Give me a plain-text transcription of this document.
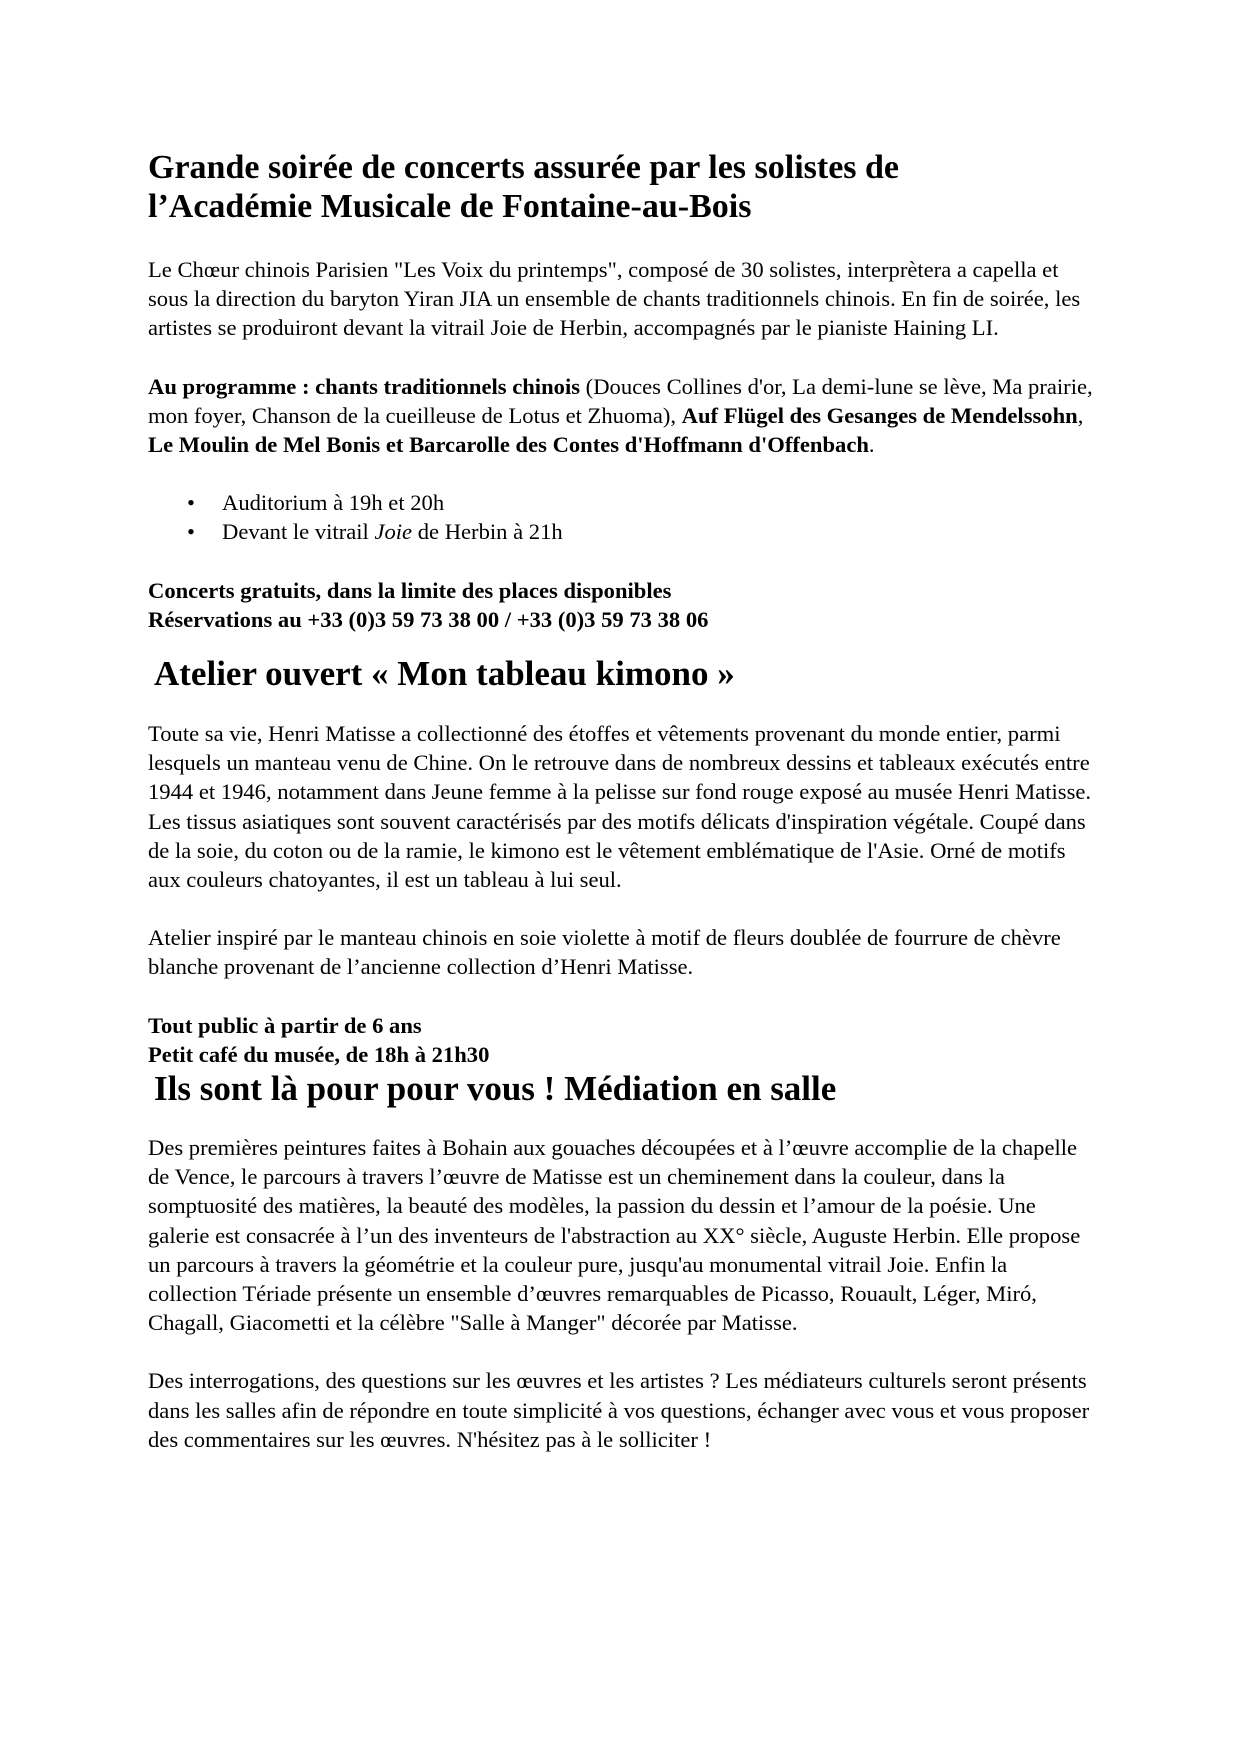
Grande soirée de concerts assurée par les solistes de
l’Académie Musicale de Fontaine-au-Bois

Le Chœur chinois Parisien "Les Voix du printemps", composé de 30 solistes, interprètera a capella et sous la direction du baryton Yiran JIA un ensemble de chants traditionnels chinois. En fin de soirée, les artistes se produiront devant la vitrail Joie de Herbin, accompagnés par le pianiste Haining LI.

Au programme : chants traditionnels chinois (Douces Collines d'or, La demi-lune se lève, Ma prairie, mon foyer, Chanson de la cueilleuse de Lotus et Zhuoma), Auf Flügel des Gesanges de Mendelssohn, Le Moulin de Mel Bonis et Barcarolle des Contes d'Hoffmann d'Offenbach.

• Auditorium à 19h et 20h
• Devant le vitrail Joie de Herbin à 21h

Concerts gratuits, dans la limite des places disponibles
Réservations au +33 (0)3 59 73 38 00 / +33 (0)3 59 73 38 06

Atelier ouvert « Mon tableau kimono »

Toute sa vie, Henri Matisse a collectionné des étoffes et vêtements provenant du monde entier, parmi lesquels un manteau venu de Chine. On le retrouve dans de nombreux dessins et tableaux exécutés entre 1944 et 1946, notamment dans Jeune femme à la pelisse sur fond rouge exposé au musée Henri Matisse. Les tissus asiatiques sont souvent caractérisés par des motifs délicats d'inspiration végétale. Coupé dans de la soie, du coton ou de la ramie, le kimono est le vêtement emblématique de l'Asie. Orné de motifs aux couleurs chatoyantes, il est un tableau à lui seul.

Atelier inspiré par le manteau chinois en soie violette à motif de fleurs doublée de fourrure de chèvre blanche provenant de l’ancienne collection d’Henri Matisse.

Tout public à partir de 6 ans
Petit café du musée, de 18h à 21h30

Ils sont là pour pour vous ! Médiation en salle

Des premières peintures faites à Bohain aux gouaches découpées et à l’œuvre accomplie de la chapelle de Vence, le parcours à travers l’œuvre de Matisse est un cheminement dans la couleur, dans la somptuosité des matières, la beauté des modèles, la passion du dessin et l’amour de la poésie. Une galerie est consacrée à l’un des inventeurs de l'abstraction au XX° siècle, Auguste Herbin. Elle propose un parcours à travers la géométrie et la couleur pure, jusqu'au monumental vitrail Joie. Enfin la collection Tériade présente un ensemble d’œuvres remarquables de Picasso, Rouault, Léger, Miró, Chagall, Giacometti et la célèbre "Salle à Manger" décorée par Matisse.

Des interrogations, des questions sur les œuvres et les artistes ? Les médiateurs culturels seront présents dans les salles afin de répondre en toute simplicité à vos questions, échanger avec vous et vous proposer des commentaires sur les œuvres. N'hésitez pas à le solliciter !
